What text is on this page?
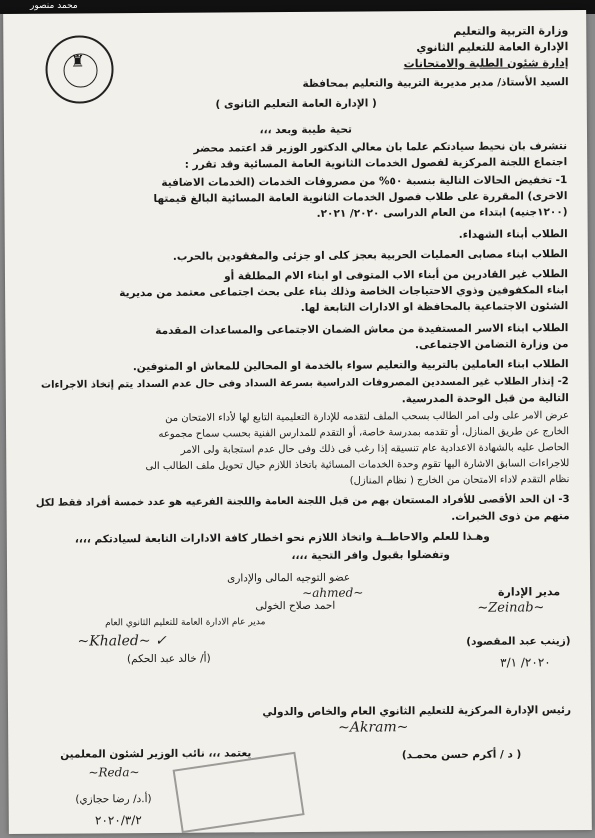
محمد منصور
♜
وزارة التربية والتعليم
الإدارة العامة للتعليم الثانوي
إدارة شئون الطلبة والامتحانات
السيد الأستاذ/ مدير مديرية التربية والتعليم بمحافظة
( الإدارة العامة التعليم الثانوى )
تحية طيبة وبعد ،،،
نتشرف بان نحيط سيادتكم علما بان معالي الدكتور الوزير قد اعتمد محضر
اجتماع اللجنة المركزية لفصول الخدمات الثانوية العامة المسائية وقد تقرر :
1- تخفيض الحالات التالية بنسبة ٥٠% من مصروفات الخدمات (الخدمات الاضافية
الاخرى) المقررة على طلاب فصول الخدمات الثانوية العامة المسائية البالغ قيمتها
(١٢٠٠جنيه) ابتداء من العام الدراسى ٢٠٢٠/ ٢٠٢١.
الطلاب أبناء الشهداء.
الطلاب ابناء مصابى العمليات الحربية بعجز كلى او جزئى والمفقودين بالحرب.
الطلاب غير القادرين من أبناء الاب المتوفى او ابناء الام المطلقة أو
ابناء المكفوفين وذوي الاحتياجات الخاصة وذلك بناء على بحث اجتماعى معتمد من مديرية
الشئون الاجتماعية بالمحافظة او الادارات التابعة لها.
الطلاب ابناء الاسر المستفيدة من معاش الضمان الاجتماعى والمساعدات المقدمة
من وزارة التضامن الاجتماعى.
الطلاب ابناء العاملين بالتربية والتعليم سواء بالخدمة او المحالين للمعاش او المتوفين.
2- إنذار الطلاب غير المسددين المصروفات الدراسية بسرعة السداد وفى حال عدم السداد يتم إتخاذ الاجراءات
التالية من قبل الوحدة المدرسية.
عرض الامر على ولى امر الطالب بسحب الملف لتقدمه للإدارة التعليمية التابع لها لأداء الامتحان من
الخارج عن طريق المنازل، أو تقدمه بمدرسة خاصة، أو التقدم للمدارس الفنية بحسب سماح مجموعه
الحاصل عليه بالشهادة الاعدادية عام تنسيقه إذا رغب فى ذلك وفى حال عدم استجابة ولى الامر
للاجراءات السابق الاشارة اليها تقوم وحدة الخدمات المسائية باتخاذ اللازم حيال تحويل ملف الطالب الى
نظام التقدم لاداء الامتحان من الخارج ( نظام المنازل)
3- ان الحد الأقصى للأفراد المستعان بهم من قبل اللجنة العامة واللجنة الفرعيه هو عدد خمسة أفراد فقط لكل
منهم من ذوى الخبرات.
وهـذا للعلم والاحاطــة واتخاذ اللازم نحو اخطار كافة الادارات التابعة لسيادتكم ،،،،
وتفضلوا بقبول وافر التحية ،،،،
عضو التوجيه المالى والإدارى
~ahmed~
احمد صلاح الخولى
مدير الإدارة
~Zeinab~
(زينب عبد المقصود)
٢٠٢٠/ ٣/١
مدير عام الادارة العامة للتعليم الثانوي العام
~Khaled~ ✓
(أ/ خالد عبد الحكم)
رئيس الإدارة المركزية للتعليم الثانوي العام والخاص والدولي
~Akram~
( د / أكرم حسن محمـد)
يعتمد ،،، نائب الوزير لشئون المعلمين
~Reda~
(أ.د/ رضا حجازي)
٢٠٢٠/٣/٢
